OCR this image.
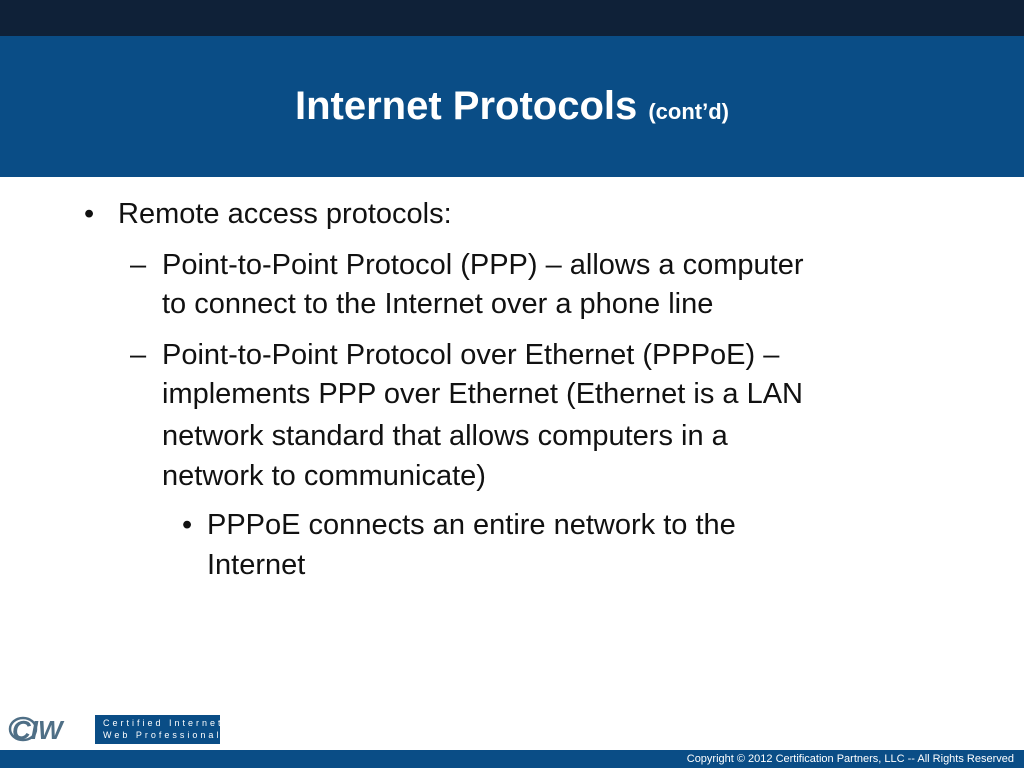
Internet Protocols (cont’d)
• Remote access protocols:
– Point-to-Point Protocol (PPP) – allows a computer
to connect to the Internet over a phone line
– Point-to-Point Protocol over Ethernet (PPPoE) –
implements PPP over Ethernet (Ethernet is a LAN
network standard that allows computers in a
network to communicate)
• PPPoE connects an entire network to the
Internet
CIW	Certified Internet
Web Professional
Copyright © 2012 Certification Partners, LLC -- All Rights Reserved
